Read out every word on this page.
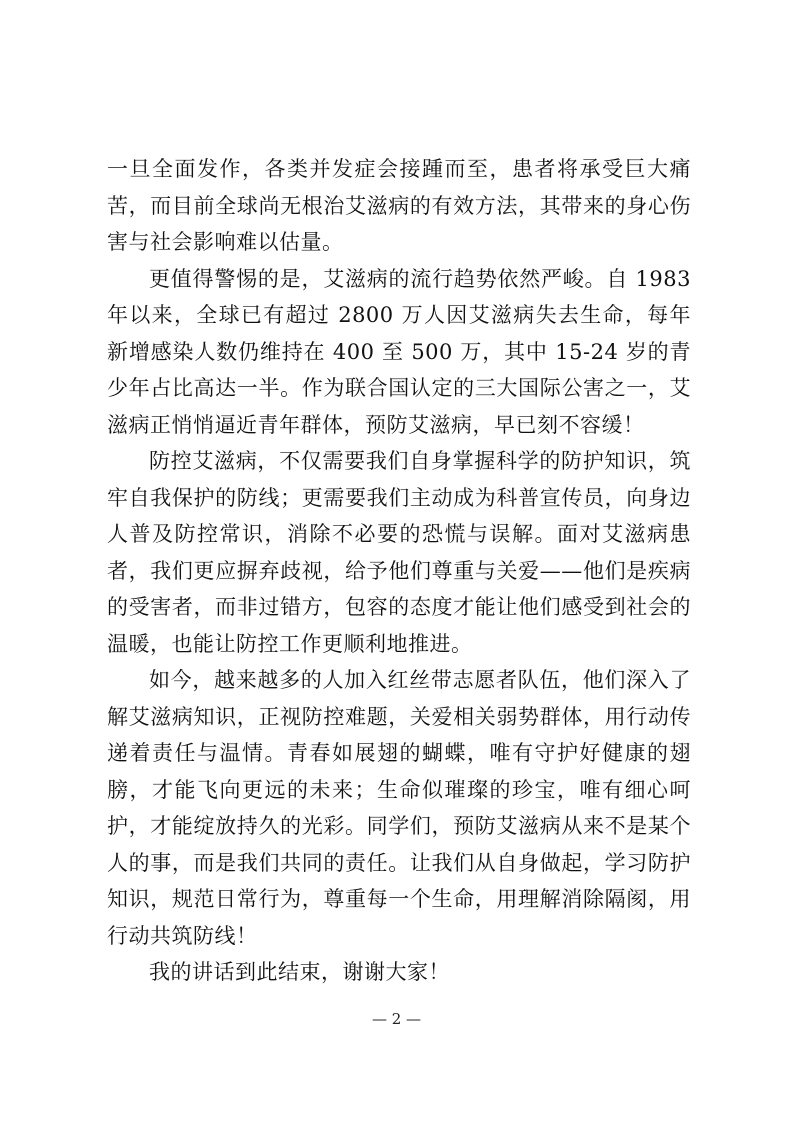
一旦全面发作，各类并发症会接踵而至，患者将承受巨大痛苦，而目前全球尚无根治艾滋病的有效方法，其带来的身心伤害与社会影响难以估量。

更值得警惕的是，艾滋病的流行趋势依然严峻。自 1983 年以来，全球已有超过 2800 万人因艾滋病失去生命，每年新增感染人数仍维持在 400 至 500 万，其中 15-24 岁的青少年占比高达一半。作为联合国认定的三大国际公害之一，艾滋病正悄悄逼近青年群体，预防艾滋病，早已刻不容缓！

防控艾滋病，不仅需要我们自身掌握科学的防护知识，筑牢自我保护的防线；更需要我们主动成为科普宣传员，向身边人普及防控常识，消除不必要的恐慌与误解。面对艾滋病患者，我们更应摒弃歧视，给予他们尊重与关爱——他们是疾病的受害者，而非过错方，包容的态度才能让他们感受到社会的温暖，也能让防控工作更顺利地推进。

如今，越来越多的人加入红丝带志愿者队伍，他们深入了解艾滋病知识，正视防控难题，关爱相关弱势群体，用行动传递着责任与温情。青春如展翅的蝴蝶，唯有守护好健康的翅膀，才能飞向更远的未来；生命似璀璨的珍宝，唯有细心呵护，才能绽放持久的光彩。同学们，预防艾滋病从来不是某个人的事，而是我们共同的责任。让我们从自身做起，学习防护知识，规范日常行为，尊重每一个生命，用理解消除隔阂，用行动共筑防线！

我的讲话到此结束，谢谢大家！

— 2 —
